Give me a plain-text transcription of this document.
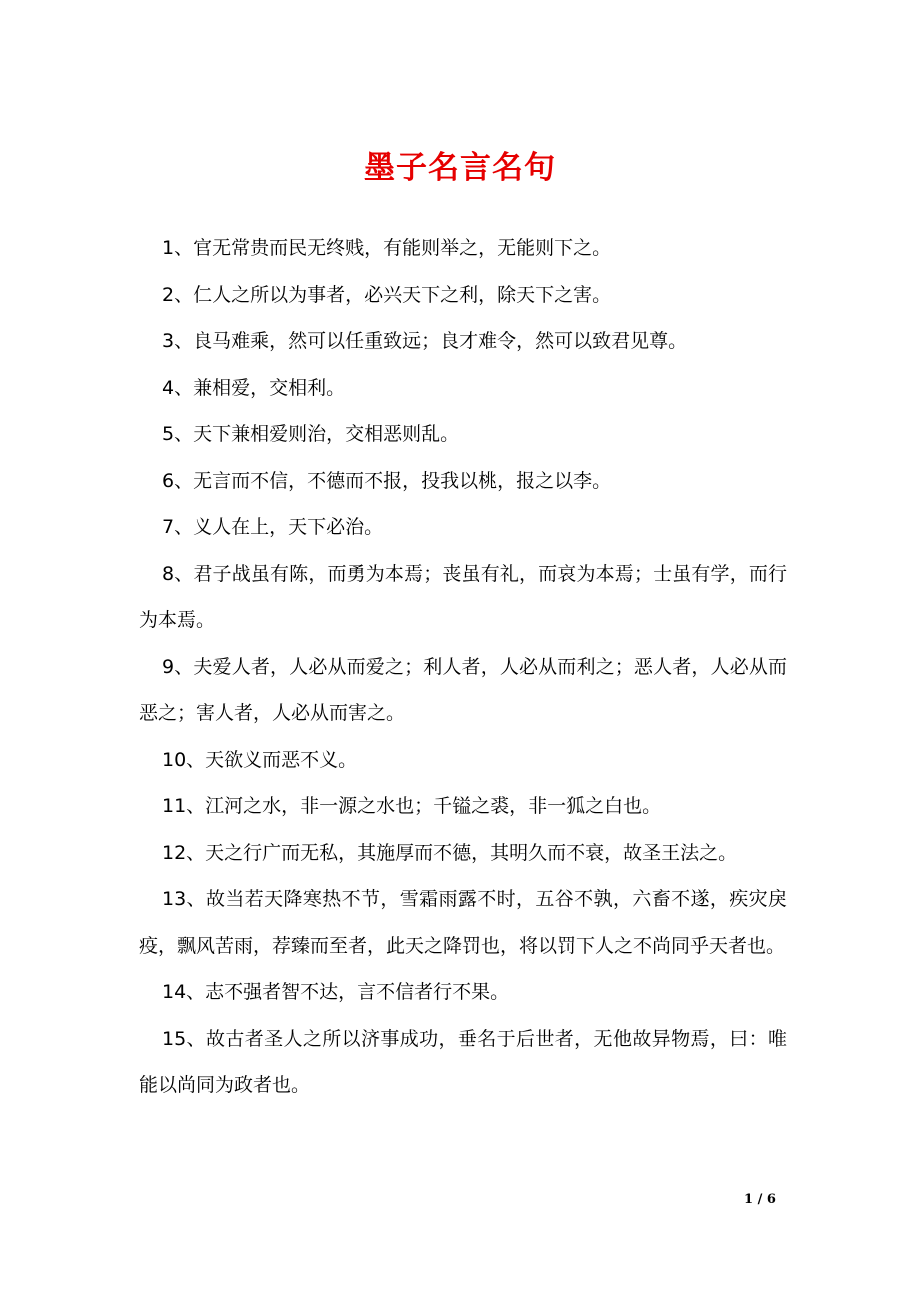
墨子名言名句

1、官无常贵而民无终贱，有能则举之，无能则下之。

2、仁人之所以为事者，必兴天下之利，除天下之害。

3、良马难乘，然可以任重致远；良才难令，然可以致君见尊。

4、兼相爱，交相利。

5、天下兼相爱则治，交相恶则乱。

6、无言而不信，不德而不报，投我以桃，报之以李。

7、义人在上，天下必治。

8、君子战虽有陈，而勇为本焉；丧虽有礼，而哀为本焉；士虽有学，而行为本焉。

9、夫爱人者，人必从而爱之；利人者，人必从而利之；恶人者，人必从而恶之；害人者，人必从而害之。

10、天欲义而恶不义。

11、江河之水，非一源之水也；千镒之裘，非一狐之白也。

12、天之行广而无私，其施厚而不德，其明久而不衰，故圣王法之。

13、故当若天降寒热不节，雪霜雨露不时，五谷不孰，六畜不遂，疾灾戾疫，飘风苦雨，荐臻而至者，此天之降罚也，将以罚下人之不尚同乎天者也。

14、志不强者智不达，言不信者行不果。

15、故古者圣人之所以济事成功，垂名于后世者，无他故异物焉，曰：唯能以尚同为政者也。

1 / 6
